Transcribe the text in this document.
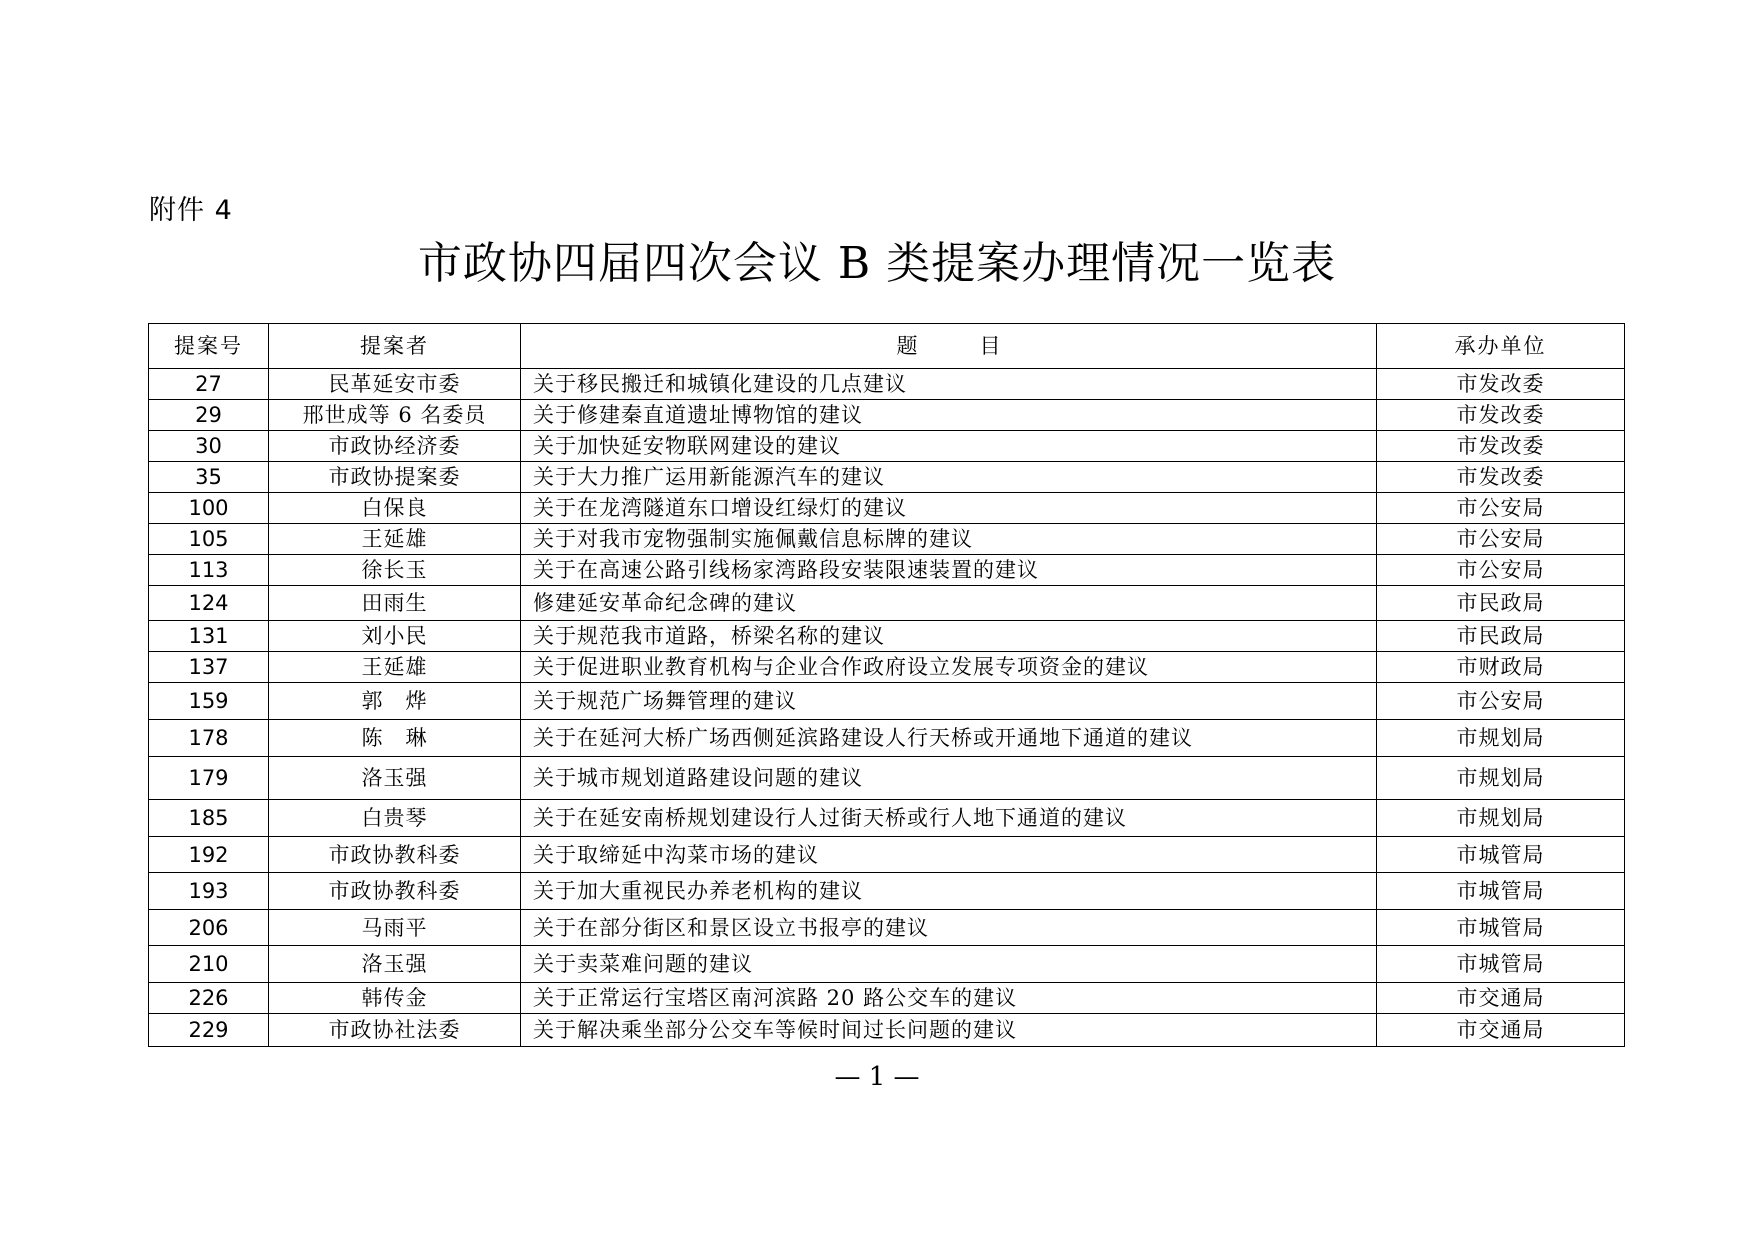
附件 4
市政协四届四次会议 B 类提案办理情况一览表
提案号	提案者	题目	承办单位
27	民革延安市委	关于移民搬迁和城镇化建设的几点建议	市发改委
29	邢世成等 6 名委员	关于修建秦直道遗址博物馆的建议	市发改委
30	市政协经济委	关于加快延安物联网建设的建议	市发改委
35	市政协提案委	关于大力推广运用新能源汽车的建议	市发改委
100	白保良	关于在龙湾隧道东口增设红绿灯的建议	市公安局
105	王延雄	关于对我市宠物强制实施佩戴信息标牌的建议	市公安局
113	徐长玉	关于在高速公路引线杨家湾路段安装限速装置的建议	市公安局
124	田雨生	修建延安革命纪念碑的建议	市民政局
131	刘小民	关于规范我市道路，桥梁名称的建议	市民政局
137	王延雄	关于促进职业教育机构与企业合作政府设立发展专项资金的建议	市财政局
159	郭　烨	关于规范广场舞管理的建议	市公安局
178	陈　琳	关于在延河大桥广场西侧延滨路建设人行天桥或开通地下通道的建议	市规划局
179	洛玉强	关于城市规划道路建设问题的建议	市规划局
185	白贵琴	关于在延安南桥规划建设行人过街天桥或行人地下通道的建议	市规划局
192	市政协教科委	关于取缔延中沟菜市场的建议	市城管局
193	市政协教科委	关于加大重视民办养老机构的建议	市城管局
206	马雨平	关于在部分街区和景区设立书报亭的建议	市城管局
210	洛玉强	关于卖菜难问题的建议	市城管局
226	韩传金	关于正常运行宝塔区南河滨路 20 路公交车的建议	市交通局
229	市政协社法委	关于解决乘坐部分公交车等候时间过长问题的建议	市交通局
— 1 —
